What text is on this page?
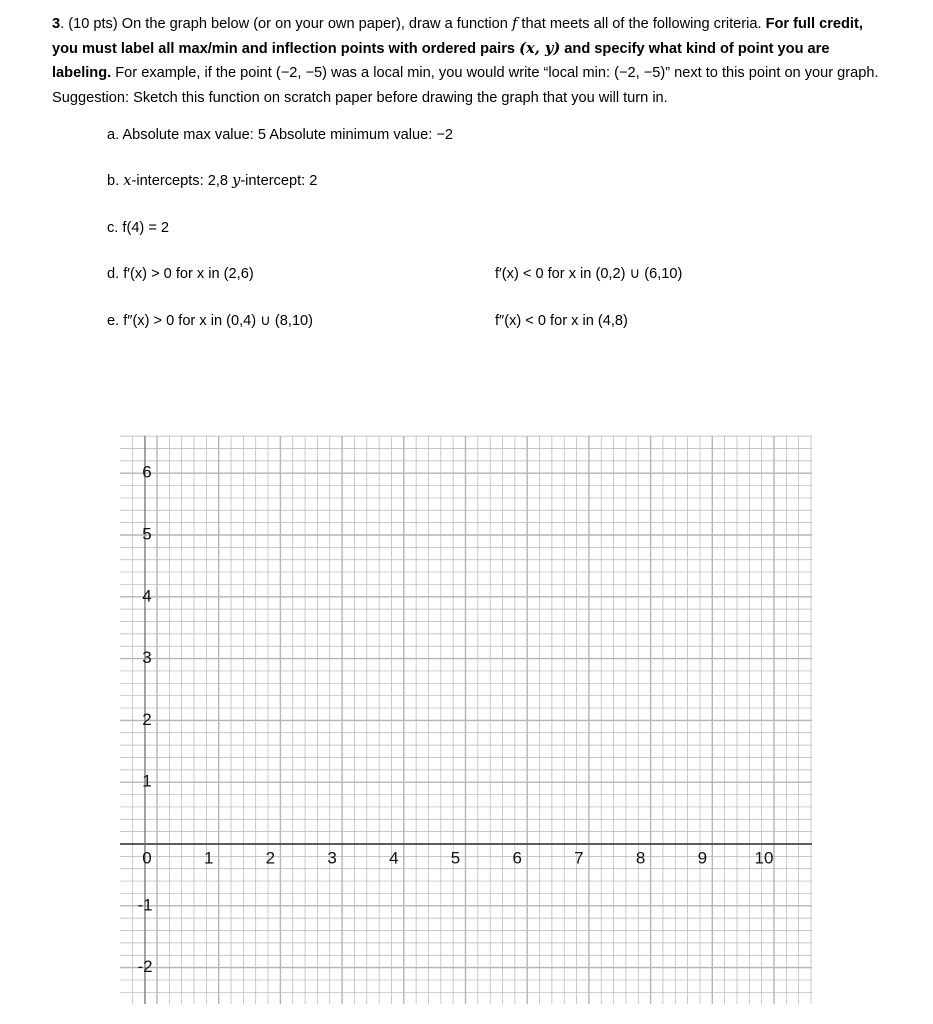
3. (10 pts) On the graph below (or on your own paper), draw a function f that meets all of the following criteria. For full credit, you must label all max/min and inflection points with ordered pairs (x, y) and specify what kind of point you are labeling. For example, if the point (−2, −5) was a local min, you would write “local min: (−2, −5)” next to this point on your graph. Suggestion: Sketch this function on scratch paper before drawing the graph that you will turn in.
a. Absolute max value: 5 Absolute minimum value: −2
b. x-intercepts: 2,8 y-intercept: 2
c. f(4) = 2
d. f′(x) > 0 for x in (2,6)	f′(x) < 0 for x in (0,2) ∪ (6,10)
e. f″(x) > 0 for x in (0,4) ∪ (8,10)	f″(x) < 0 for x in (4,8)
0	1	2	3	4	5	6	7	8	9	10
6
5
4
3
2
1
-1
-2
